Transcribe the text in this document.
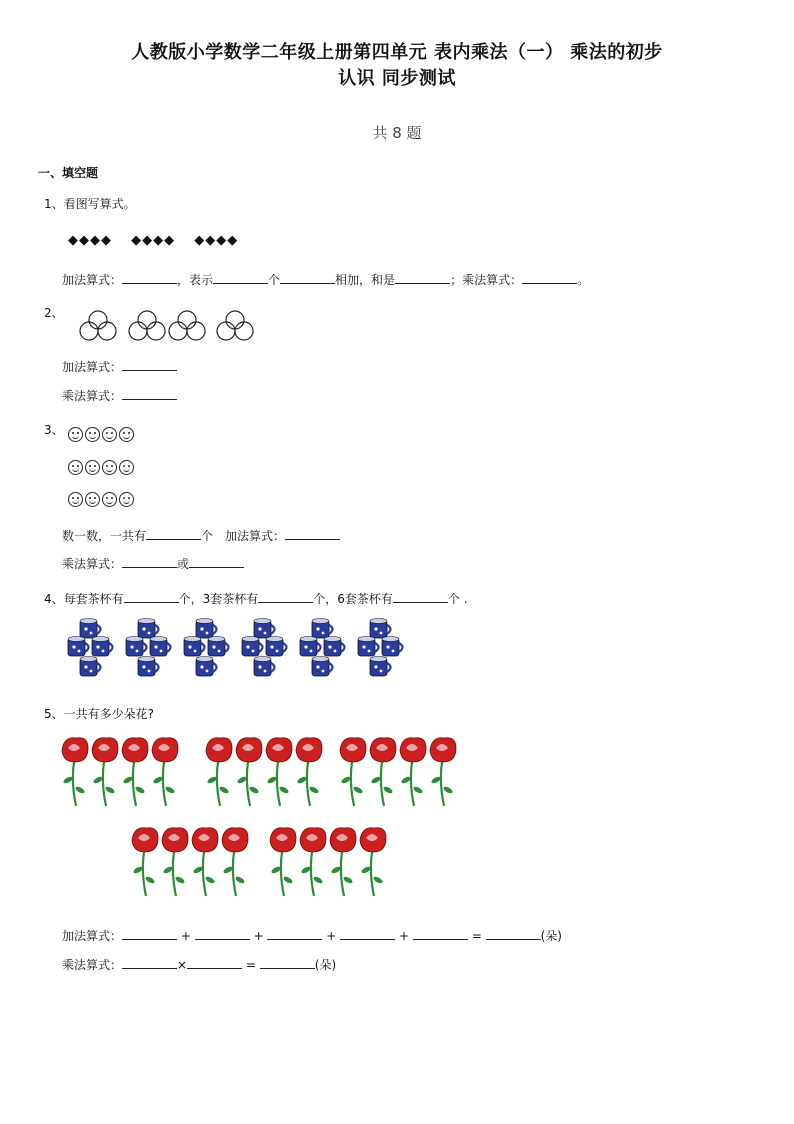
人教版小学数学二年级上册第四单元 表内乘法（一） 乘法的初步
认识 同步测试
共 8 题
一、填空题
1、看图写算式。
◆◆◆◆ ◆◆◆◆ ◆◆◆◆
加法算式：	，表示	个	相加，和是	；乘法算式：	。
2、
加法算式：
乘法算式：
3、
数一数，一共有	个　加法算式：
乘法算式：	或
4、每套茶杯有	个，3套茶杯有	个，6套茶杯有	个 .
5、一共有多少朵花?
加法算式：	+	+	+	+	=	(朵)
乘法算式：	×	=	(朵)
